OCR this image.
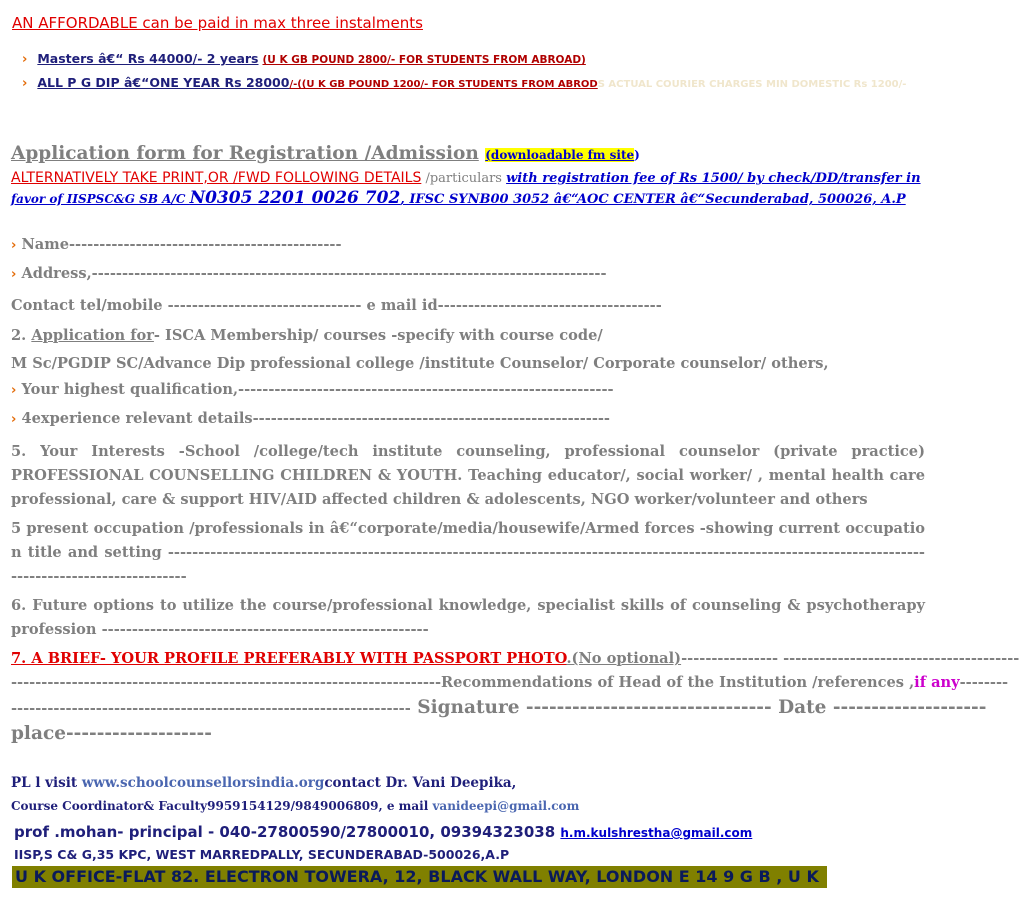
AN AFFORDABLE can be paid in max three instalments
› Masters â€“ Rs 44000/- 2 years (U K GB POUND 2800/- FOR STUDENTS FROM ABROAD)
› ALL P G DIP â€“ONE YEAR Rs 28000/-((U K GB POUND 1200/- FOR STUDENTS FROM ABRODS ACTUAL COURIER CHARGES MIN DOMESTIC Rs 1200/-
Application form for Registration /Admission (downloadable fm site)
ALTERNATIVELY TAKE PRINT,OR /FWD FOLLOWING DETAILS /particulars with registration fee of Rs 1500/ by check/DD/transfer in
favor of IISPSC&G SB A/C N0305 2201 0026 702, IFSC SYNB00 3052 â€“AOC CENTER â€“Secunderabad, 500026, A.P
› Name---------------------------------------------
› Address,-------------------------------------------------------------------------------------
Contact tel/mobile -------------------------------- e mail id-------------------------------------
2. Application for- ISCA Membership/ courses -specify with course code/
M Sc/PGDIP SC/Advance Dip professional college /institute Counselor/ Corporate counselor/ others,
› Your highest qualification,--------------------------------------------------------------
› 4experience relevant details-----------------------------------------------------------
5. Your Interests -School /college/tech institute counseling, professional counselor (private practice) PROFESSIONAL COUNSELLING CHILDREN & YOUTH. Teaching educator/, social worker/ , mental health care professional, care & support HIV/AID affected children & adolescents, NGO worker/volunteer and others
5 present occupation /professionals in â€“corporate/media/housewife/Armed forces -showing current occupation title and setting ----------------------------------------------------------------------------------------------------------------------------------------------------------
6. Future options to utilize the course/professional knowledge, specialist skills of counseling & psychotherapy profession ------------------------------------------------------
7. A BRIEF- YOUR PROFILE PREFERABLY WITH PASSPORT PHOTO.(No optional)---------------- ---------------------------------------
-----------------------------------------------------------------------Recommendations of Head of the Institution /references ,if any--------
------------------------------------------------------------------ Signature -------------------------------- Date --------------------
place-------------------
PL l visit www.schoolcounsellorsindia.orgcontact Dr. Vani Deepika,
Course Coordinator& Faculty9959154129/9849006809, e mail vanideepi@gmail.com
prof .mohan- principal - 040-27800590/27800010, 09394323038 h.m.kulshrestha@gmail.com
IISP,S C& G,35 KPC, WEST MARREDPALLY, SECUNDERABAD-500026,A.P
U K OFFICE-FLAT 82. ELECTRON TOWERA, 12, BLACK WALL WAY, LONDON E 14 9 G B , U K
